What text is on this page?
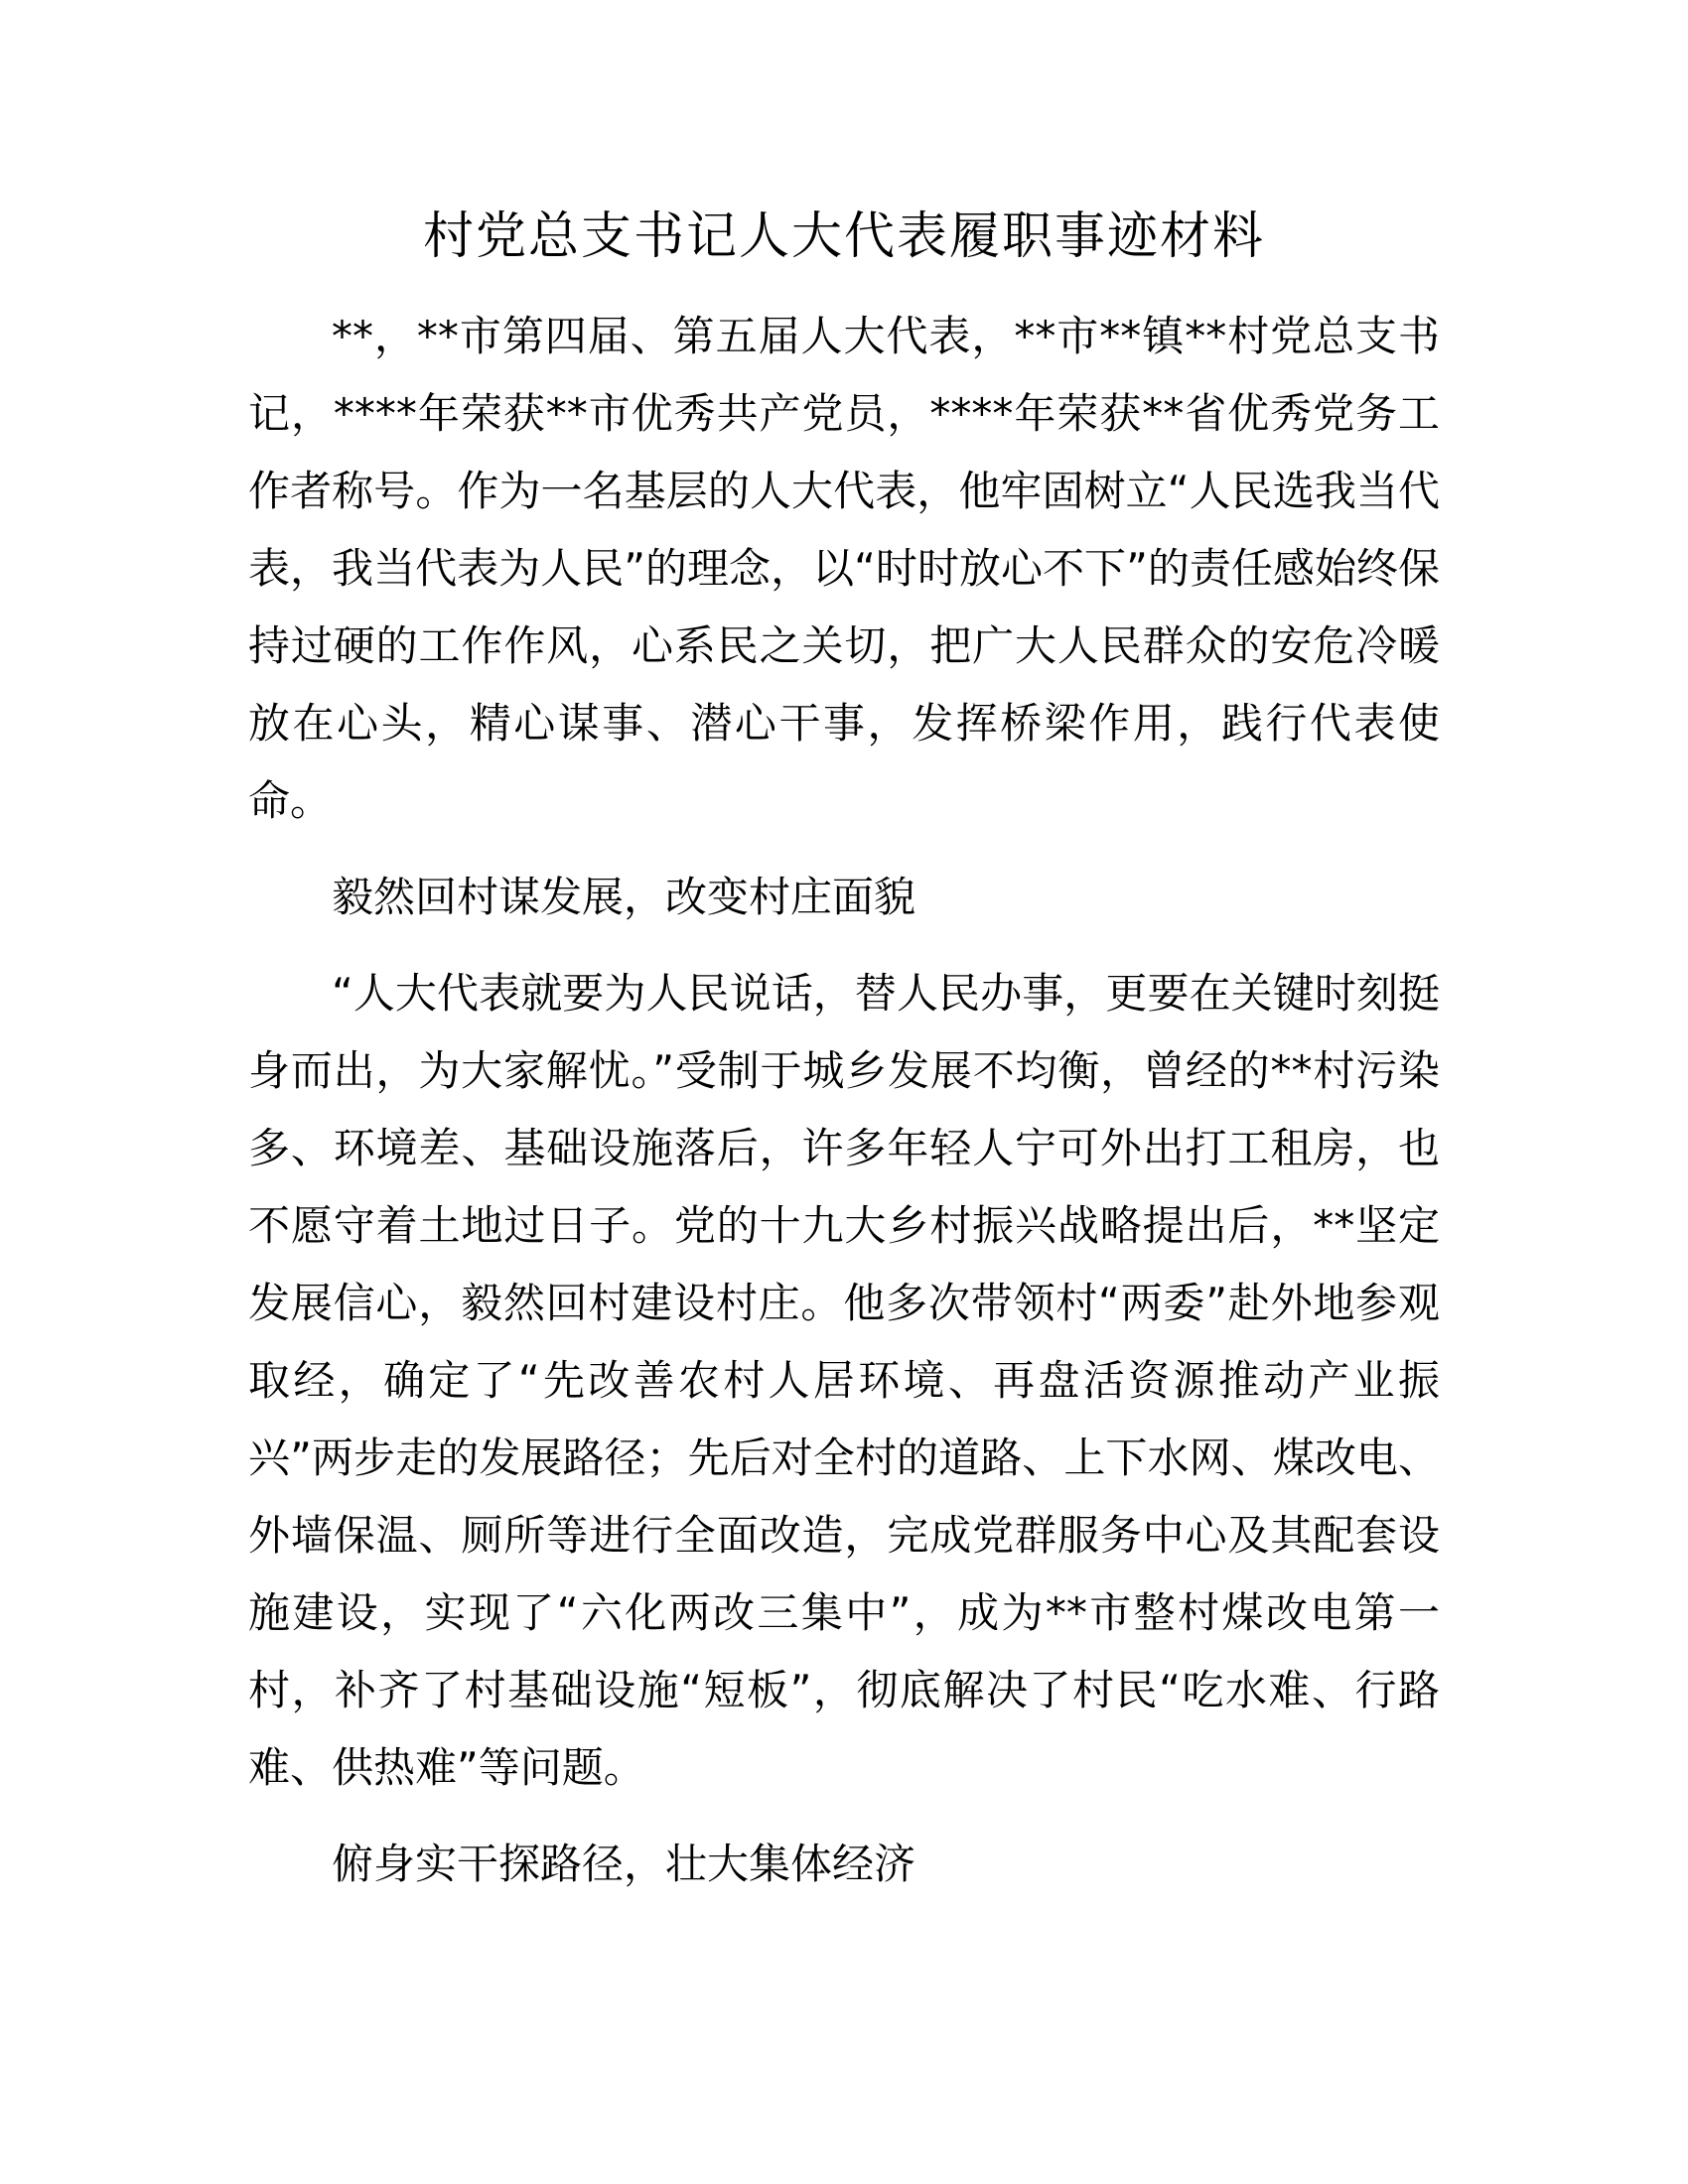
村党总支书记人大代表履职事迹材料

**，**市第四届、第五届人大代表，**市**镇**村党总支书记，****年荣获**市优秀共产党员，****年荣获**省优秀党务工作者称号。作为一名基层的人大代表，他牢固树立“人民选我当代表，我当代表为人民”的理念，以“时时放心不下”的责任感始终保持过硬的工作作风，心系民之关切，把广大人民群众的安危冷暖放在心头，精心谋事、潜心干事，发挥桥梁作用，践行代表使命。

毅然回村谋发展，改变村庄面貌

“人大代表就要为人民说话，替人民办事，更要在关键时刻挺身而出，为大家解忧。”受制于城乡发展不均衡，曾经的**村污染多、环境差、基础设施落后，许多年轻人宁可外出打工租房，也不愿守着土地过日子。党的十九大乡村振兴战略提出后，**坚定发展信心，毅然回村建设村庄。他多次带领村“两委”赴外地参观取经，确定了“先改善农村人居环境、再盘活资源推动产业振兴”两步走的发展路径；先后对全村的道路、上下水网、煤改电、外墙保温、厕所等进行全面改造，完成党群服务中心及其配套设施建设，实现了“六化两改三集中”，成为**市整村煤改电第一村，补齐了村基础设施“短板”，彻底解决了村民“吃水难、行路难、供热难”等问题。

俯身实干探路径，壮大集体经济
